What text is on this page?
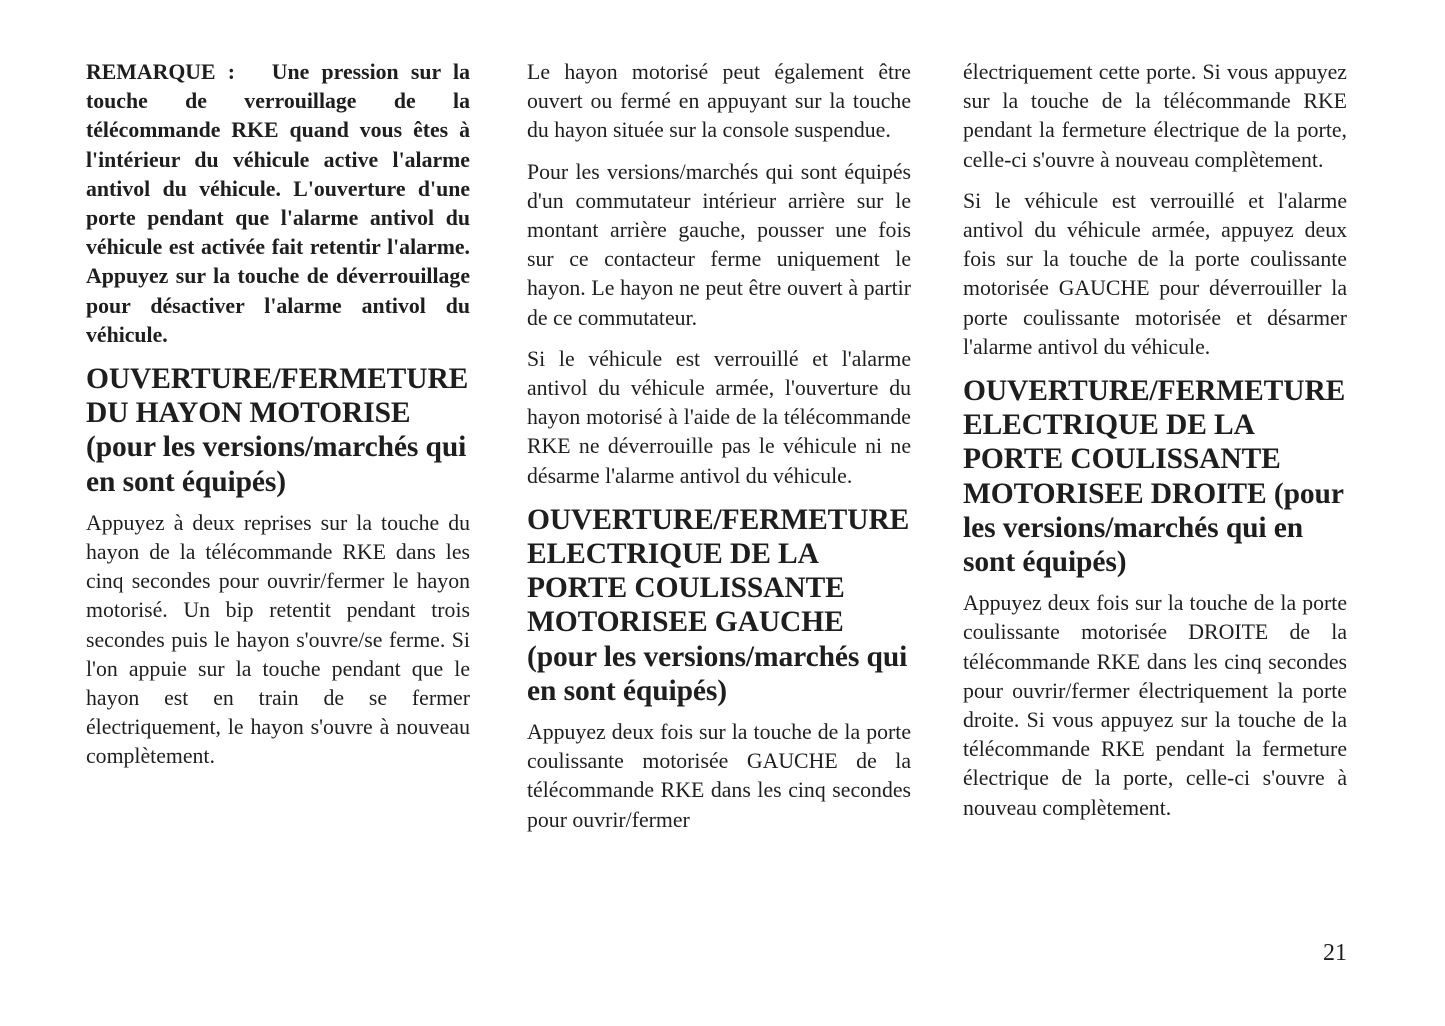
REMARQUE : Une pression sur la touche de verrouillage de la télécommande RKE quand vous êtes à l'intérieur du véhicule active l'alarme antivol du véhicule. L'ouverture d'une porte pendant que l'alarme antivol du véhicule est activée fait retentir l'alarme. Appuyez sur la touche de déverrouillage pour désactiver l'alarme antivol du véhicule.

OUVERTURE/FERMETURE DU HAYON MOTORISE (pour les versions/marchés qui en sont équipés)

Appuyez à deux reprises sur la touche du hayon de la télécommande RKE dans les cinq secondes pour ouvrir/fermer le hayon motorisé. Un bip retentit pendant trois secondes puis le hayon s'ouvre/se ferme. Si l'on appuie sur la touche pendant que le hayon est en train de se fermer électriquement, le hayon s'ouvre à nouveau complètement.

Le hayon motorisé peut également être ouvert ou fermé en appuyant sur la touche du hayon située sur la console suspendue.

Pour les versions/marchés qui sont équipés d'un commutateur intérieur arrière sur le montant arrière gauche, pousser une fois sur ce contacteur ferme uniquement le hayon. Le hayon ne peut être ouvert à partir de ce commutateur.

Si le véhicule est verrouillé et l'alarme antivol du véhicule armée, l'ouverture du hayon motorisé à l'aide de la télécommande RKE ne déverrouille pas le véhicule ni ne désarme l'alarme antivol du véhicule.

OUVERTURE/FERMETURE ELECTRIQUE DE LA PORTE COULISSANTE MOTORISEE GAUCHE (pour les versions/marchés qui en sont équipés)

Appuyez deux fois sur la touche de la porte coulissante motorisée GAUCHE de la télécommande RKE dans les cinq secondes pour ouvrir/fermer

électriquement cette porte. Si vous appuyez sur la touche de la télécommande RKE pendant la fermeture électrique de la porte, celle-ci s'ouvre à nouveau complètement.

Si le véhicule est verrouillé et l'alarme antivol du véhicule armée, appuyez deux fois sur la touche de la porte coulissante motorisée GAUCHE pour déverrouiller la porte coulissante motorisée et désarmer l'alarme antivol du véhicule.

OUVERTURE/FERMETURE ELECTRIQUE DE LA PORTE COULISSANTE MOTORISEE DROITE (pour les versions/marchés qui en sont équipés)

Appuyez deux fois sur la touche de la porte coulissante motorisée DROITE de la télécommande RKE dans les cinq secondes pour ouvrir/fermer électriquement la porte droite. Si vous appuyez sur la touche de la télécommande RKE pendant la fermeture électrique de la porte, celle-ci s'ouvre à nouveau complètement.

21
